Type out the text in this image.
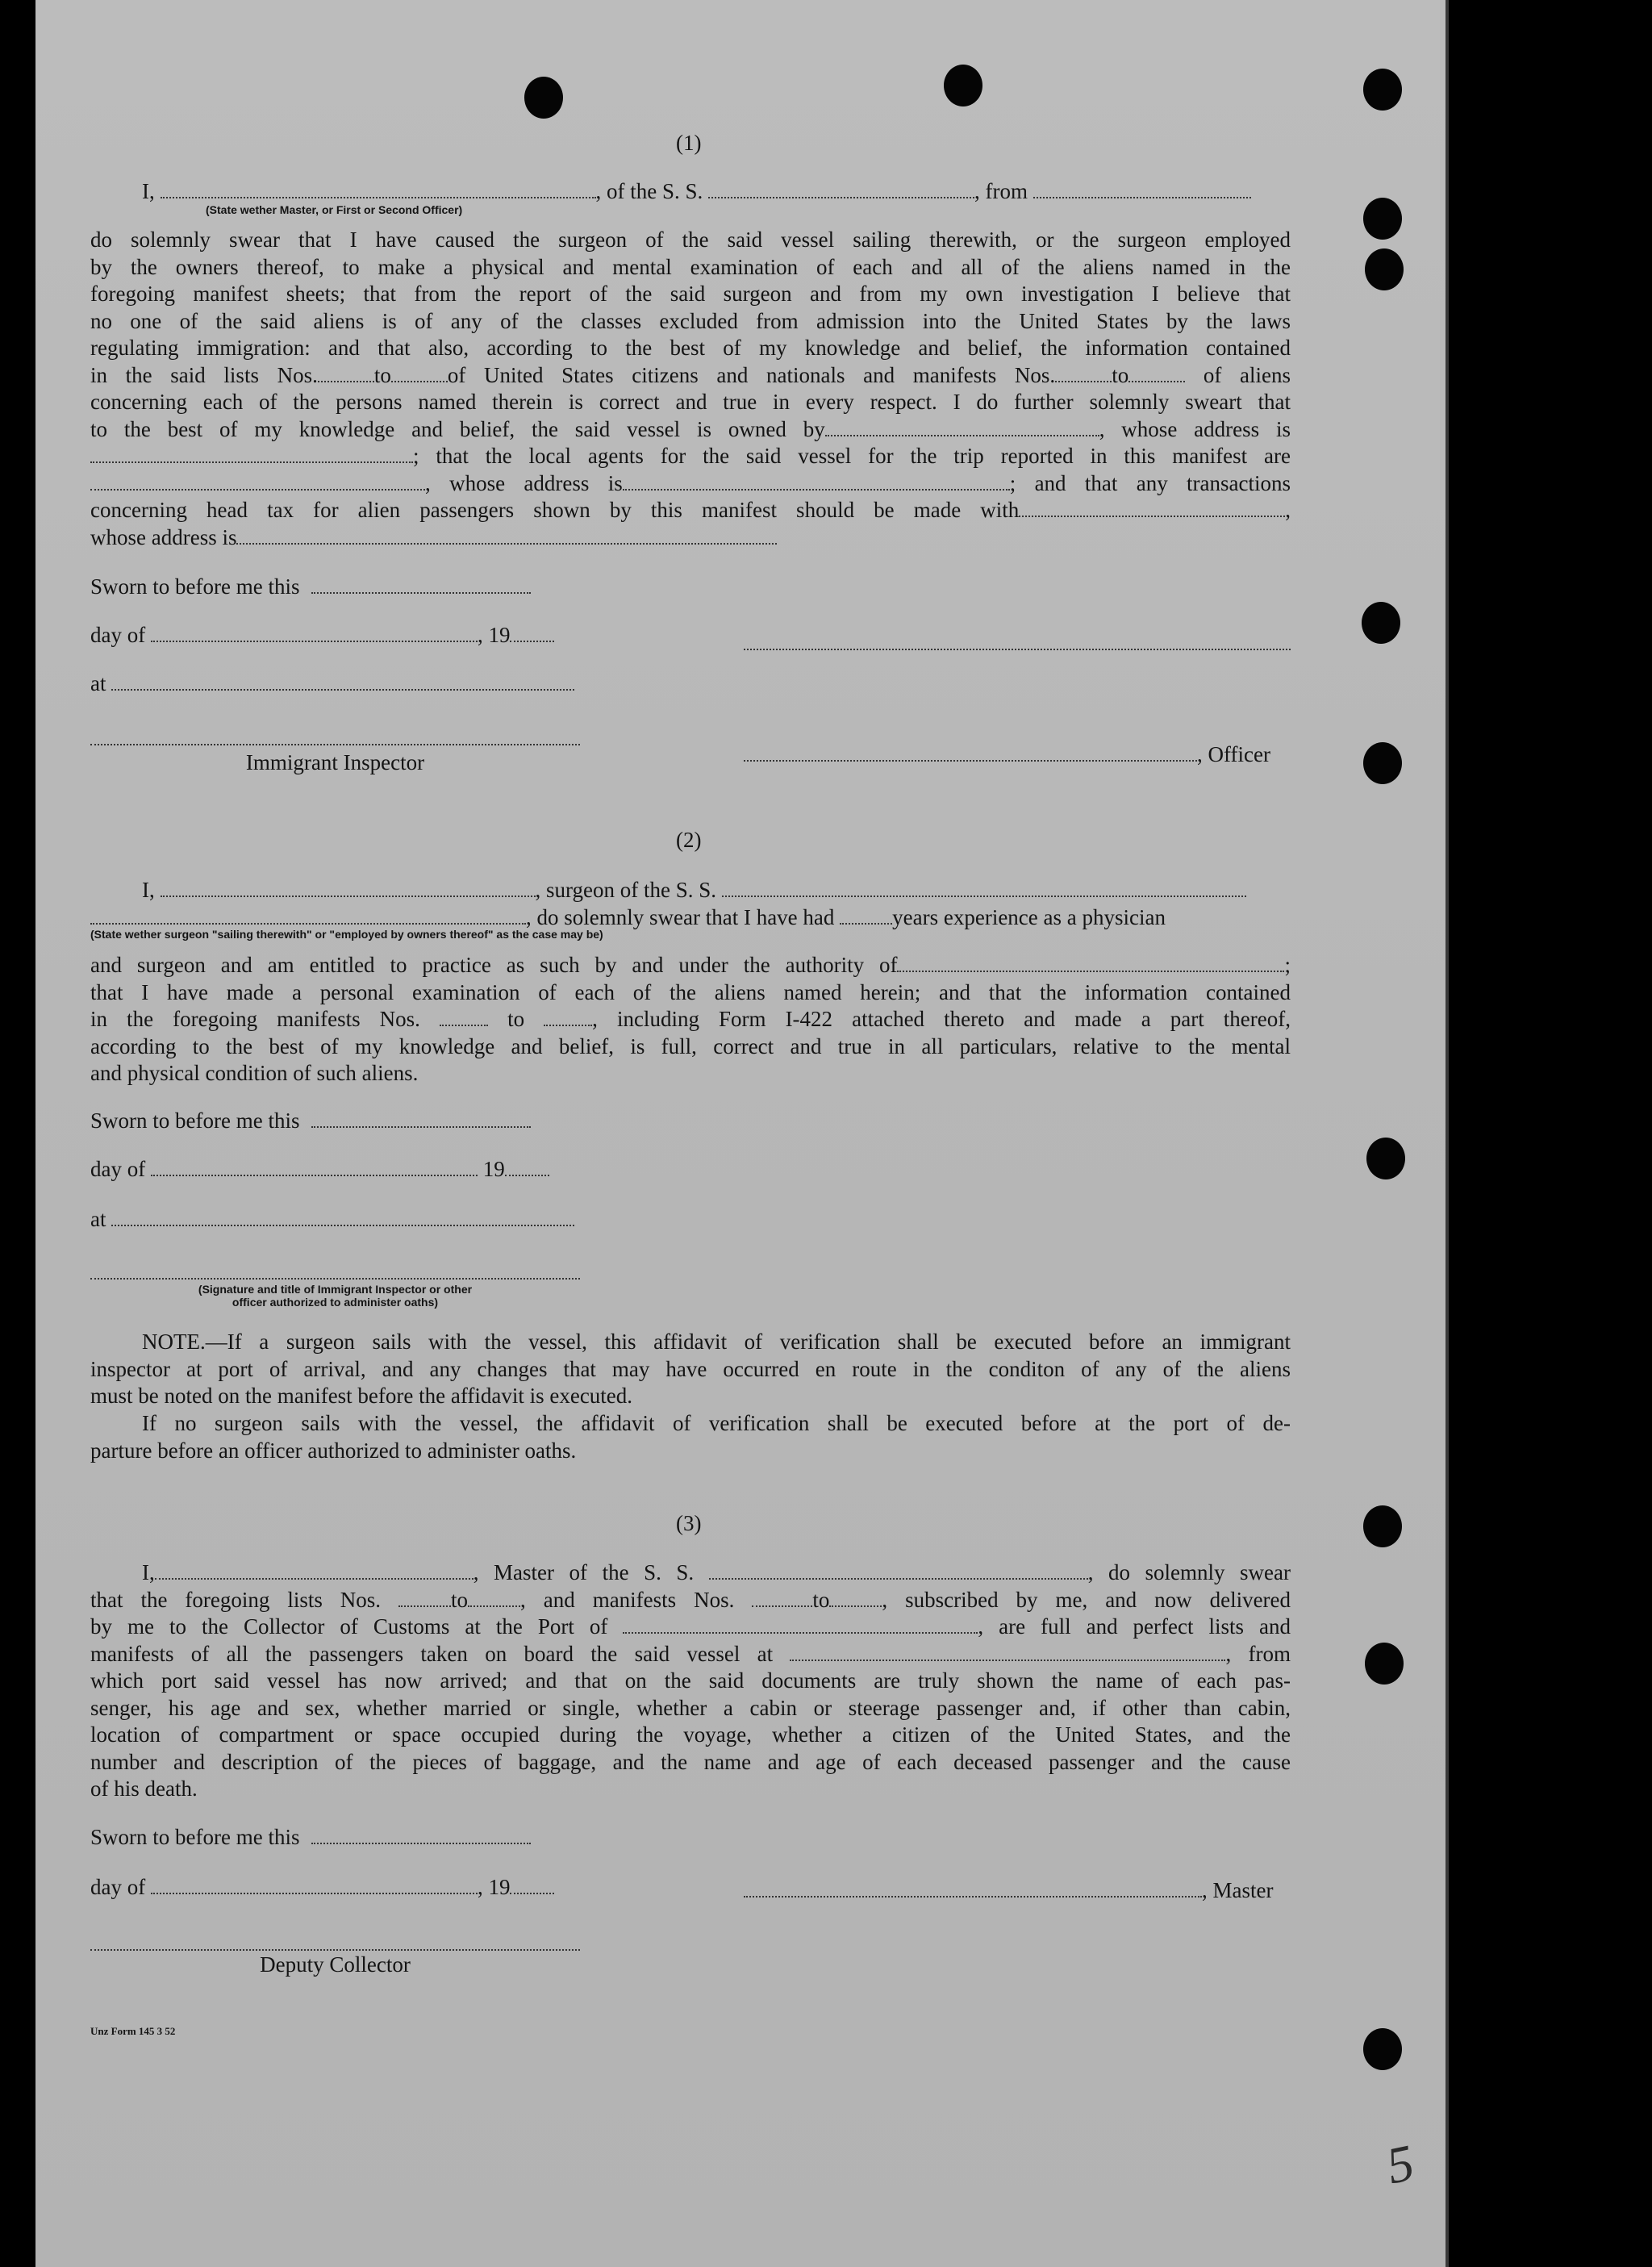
(1)
I,	, of the S. S.	, from
(State wether Master, or First or Second Officer)
do solemnly swear that I have caused the surgeon of the said vessel sailing therewith, or the surgeon employed
by the owners thereof, to make a physical and mental examination of each and all of the aliens named in the
foregoing manifest sheets; that from the report of the said surgeon and from my own investigation I believe that
no one of the said aliens is of any of the classes excluded from admission into the United States by the laws
regulating immigration: and that also, according to the best of my knowledge and belief, the information contained
in the said lists Nos.	to	of United States citizens and nationals and manifests Nos.	to	of aliens
concerning each of the persons named therein is correct and true in every respect. I do further solemnly sweart that
to the best of my knowledge and belief, the said vessel is owned by	, whose address is
; that the local agents for the said vessel for the trip reported in this manifest are
, whose address is	; and that any transactions
concerning head tax for alien passengers shown by this manifest should be made with	,
whose address is
Sworn to before me this
day of	, 19
at
Immigrant Inspector	, Officer
(2)
I,	, surgeon of the S. S.
, do solemnly swear that I have had	years experience as a physician
(State wether surgeon "sailing therewith" or "employed by owners thereof" as the case may be)
and surgeon and am entitled to practice as such by and under the authority of	;
that I have made a personal examination of each of the aliens named herein; and that the information contained
in the foregoing manifests Nos.	to	, including Form I-422 attached thereto and made a part thereof,
according to the best of my knowledge and belief, is full, correct and true in all particulars, relative to the mental
and physical condition of such aliens.
Sworn to before me this
day of	19
at
(Signature and title of Immigrant Inspector or other
officer authorized to administer oaths)
NOTE.—If a surgeon sails with the vessel, this affidavit of verification shall be executed before an immigrant
inspector at port of arrival, and any changes that may have occurred en route in the conditon of any of the aliens
must be noted on the manifest before the affidavit is executed.
If no surgeon sails with the vessel, the affidavit of verification shall be executed before at the port of de-
parture before an officer authorized to administer oaths.
(3)
I,	, Master of the S. S.	, do solemnly swear
that the foregoing lists Nos.	to , and manifests Nos.	to , subscribed by me, and now delivered
by me to the Collector of Customs at the Port of	, are full and perfect lists and
manifests of all the passengers taken on board the said vessel at	, from
which port said vessel has now arrived; and that on the said documents are truly shown the name of each pas-
senger, his age and sex, whether married or single, whether a cabin or steerage passenger and, if other than cabin,
location of compartment or space occupied during the voyage, whether a citizen of the United States, and the
number and description of the pieces of baggage, and the name and age of each deceased passenger and the cause
of his death.
Sworn to before me this
day of	, 19	, Master
Deputy Collector
Unz Form 145 3 52
5
